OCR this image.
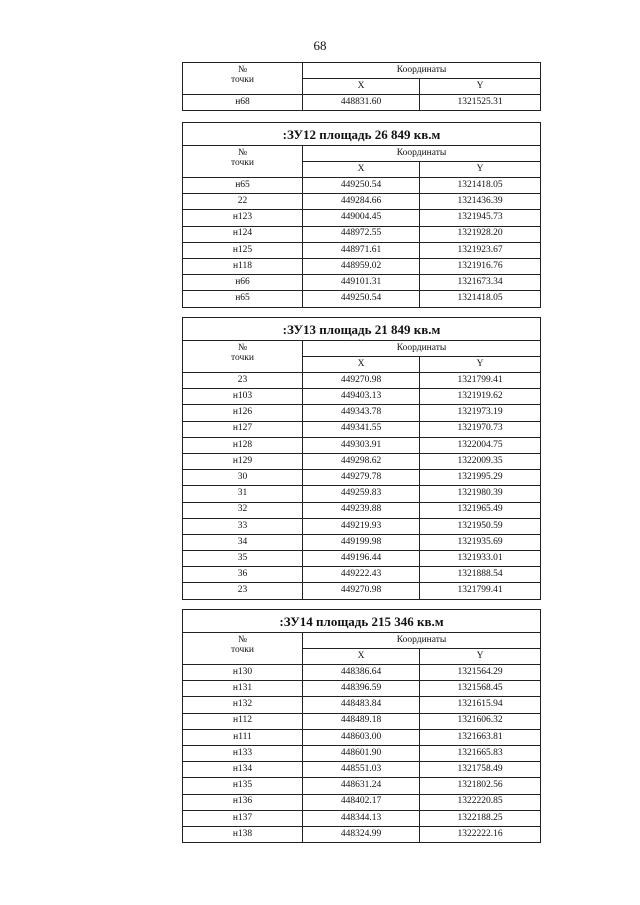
68
№
точки	Координаты	
	X	Y
н68	448831.60	1321525.31
:ЗУ12 площадь 26 849 кв.м		
№
точки	Координаты	
	X	Y
н65	449250.54	1321418.05
22	449284.66	1321436.39
н123	449004.45	1321945.73
н124	448972.55	1321928.20
н125	448971.61	1321923.67
н118	448959.02	1321916.76
н66	449101.31	1321673.34
н65	449250.54	1321418.05
:ЗУ13 площадь 21 849 кв.м		
№
точки	Координаты	
	X	Y
23	449270.98	1321799.41
н103	449403.13	1321919.62
н126	449343.78	1321973.19
н127	449341.55	1321970.73
н128	449303.91	1322004.75
н129	449298.62	1322009.35
30	449279.78	1321995.29
31	449259.83	1321980.39
32	449239.88	1321965.49
33	449219.93	1321950.59
34	449199.98	1321935.69
35	449196.44	1321933.01
36	449222.43	1321888.54
23	449270.98	1321799.41
:ЗУ14 площадь 215 346 кв.м		
№
точки	Координаты	
	X	Y
н130	448386.64	1321564.29
н131	448396.59	1321568.45
н132	448483.84	1321615.94
н112	448489.18	1321606.32
н111	448603.00	1321663.81
н133	448601.90	1321665.83
н134	448551.03	1321758.49
н135	448631.24	1321802.56
н136	448402.17	1322220.85
н137	448344.13	1322188.25
н138	448324.99	1322222.16
